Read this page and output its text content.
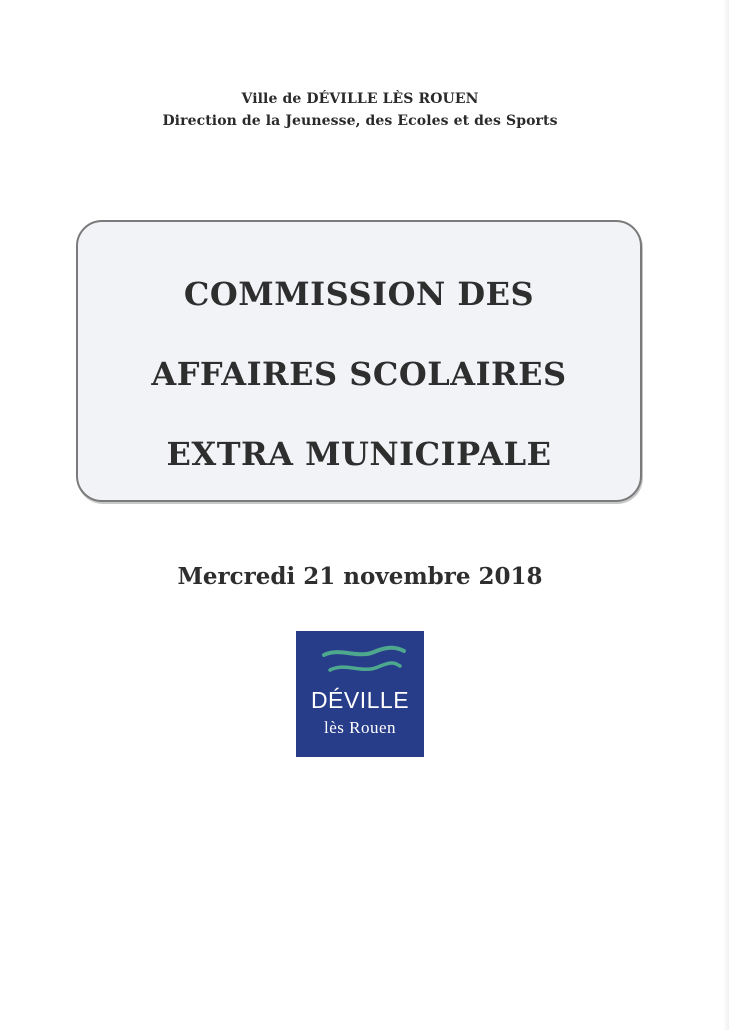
Ville de DÉVILLE LÈS ROUEN
Direction de la Jeunesse, des Ecoles et des Sports
COMMISSION DES
AFFAIRES SCOLAIRES
EXTRA MUNICIPALE
Mercredi 21 novembre 2018
DÉVILLE
lès Rouen
